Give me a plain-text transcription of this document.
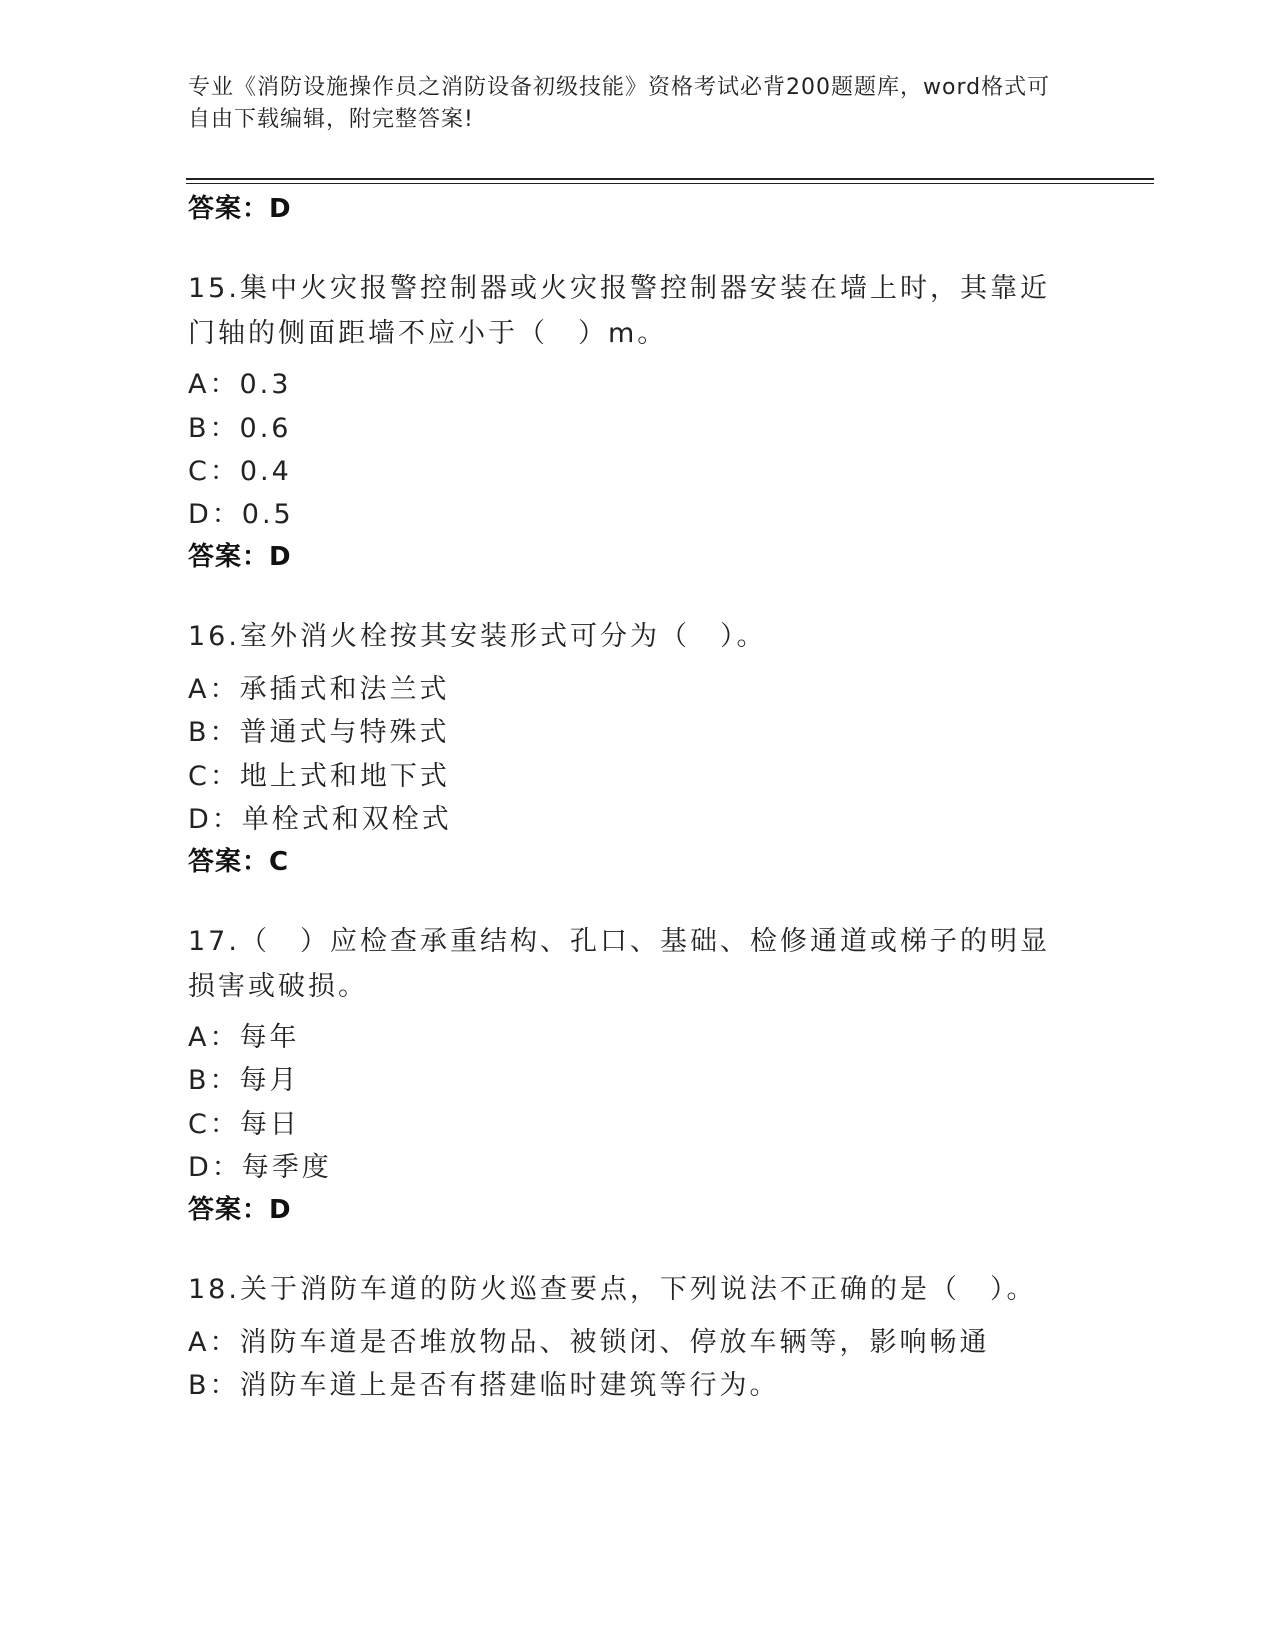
专业《消防设施操作员之消防设备初级技能》资格考试必背200题题库，word格式可自由下载编辑，附完整答案!
答案：D
15.集中火灾报警控制器或火灾报警控制器安装在墙上时，其靠近门轴的侧面距墙不应小于（　）m。
A：0.3
B：0.6
C：0.4
D：0.5
答案：D
16.室外消火栓按其安装形式可分为（　）。
A：承插式和法兰式
B：普通式与特殊式
C：地上式和地下式
D：单栓式和双栓式
答案：C
17.（　）应检查承重结构、孔口、基础、检修通道或梯子的明显损害或破损。
A：每年
B：每月
C：每日
D：每季度
答案：D
18.关于消防车道的防火巡查要点，下列说法不正确的是（　）。
A：消防车道是否堆放物品、被锁闭、停放车辆等，影响畅通
B：消防车道上是否有搭建临时建筑等行为。
